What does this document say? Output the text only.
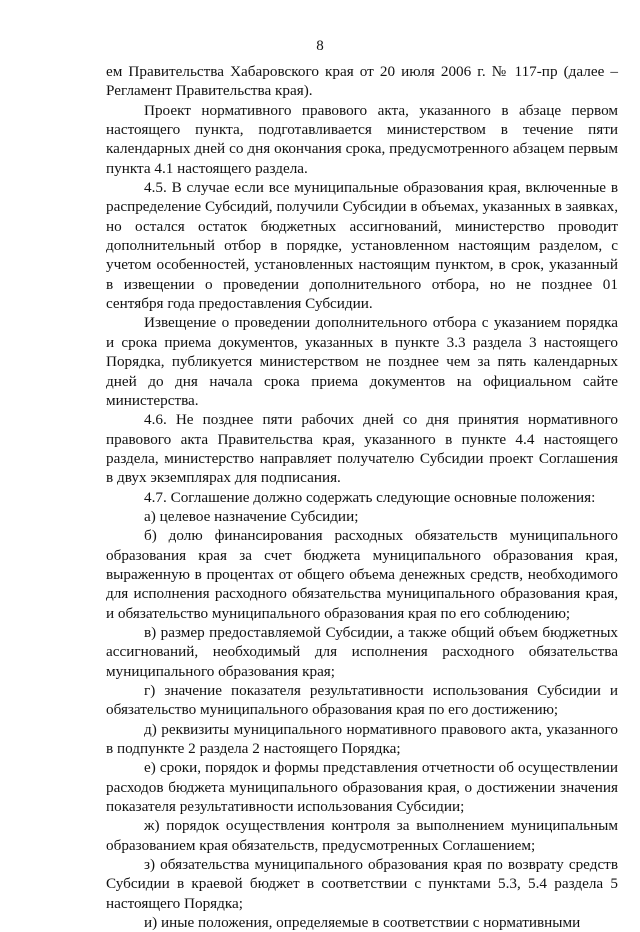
8

ем Правительства Хабаровского края от 20 июля 2006 г. № 117-пр (далее – Регламент Правительства края).

Проект нормативного правового акта, указанного в абзаце первом настоящего пункта, подготавливается министерством в течение пяти календарных дней со дня окончания срока, предусмотренного абзацем первым пункта 4.1 настоящего раздела.

4.5. В случае если все муниципальные образования края, включенные в распределение Субсидий, получили Субсидии в объемах, указанных в заявках, но остался остаток бюджетных ассигнований, министерство проводит дополнительный отбор в порядке, установленном настоящим разделом, с учетом особенностей, установленных настоящим пунктом, в срок, указанный в извещении о проведении дополнительного отбора, но не позднее 01 сентября года предоставления Субсидии.

Извещение о проведении дополнительного отбора с указанием порядка и срока приема документов, указанных в пункте 3.3 раздела 3 настоящего Порядка, публикуется министерством не позднее чем за пять календарных дней до дня начала срока приема документов на официальном сайте министерства.

4.6. Не позднее пяти рабочих дней со дня принятия нормативного правового акта Правительства края, указанного в пункте 4.4 настоящего раздела, министерство направляет получателю Субсидии проект Соглашения в двух экземплярах для подписания.

4.7. Соглашение должно содержать следующие основные положения:

а) целевое назначение Субсидии;

б) долю финансирования расходных обязательств муниципального образования края за счет бюджета муниципального образования края, выраженную в процентах от общего объема денежных средств, необходимого для исполнения расходного обязательства муниципального образования края, и обязательство муниципального образования края по его соблюдению;

в) размер предоставляемой Субсидии, а также общий объем бюджетных ассигнований, необходимый для исполнения расходного обязательства муниципального образования края;

г) значение показателя результативности использования Субсидии и обязательство муниципального образования края по его достижению;

д) реквизиты муниципального нормативного правового акта, указанного в подпункте 2 раздела 2 настоящего Порядка;

е) сроки, порядок и формы представления отчетности об осуществлении расходов бюджета муниципального образования края, о достижении значения показателя результативности использования Субсидии;

ж) порядок осуществления контроля за выполнением муниципальным образованием края обязательств, предусмотренных Соглашением;

з) обязательства муниципального образования края по возврату средств Субсидии в краевой бюджет в соответствии с пунктами 5.3, 5.4 раздела 5 настоящего Порядка;

и) иные положения, определяемые в соответствии с нормативными
